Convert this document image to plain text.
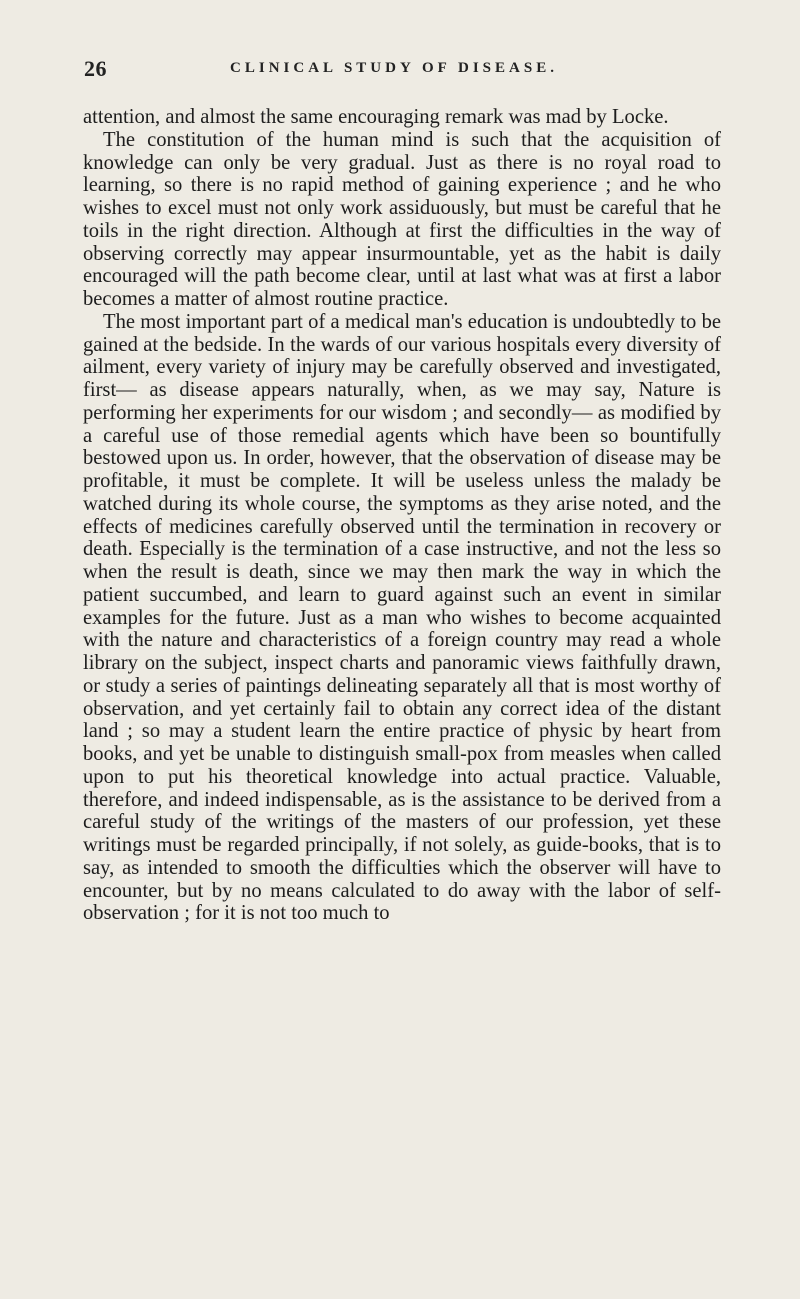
26	CLINICAL STUDY OF DISEASE.

attention, and almost the same encouraging remark was mad by Locke.

The constitution of the human mind is such that the acquisition of knowledge can only be very gradual. Just as there is no royal road to learning, so there is no rapid method of gaining experience ; and he who wishes to excel must not only work assiduously, but must be careful that he toils in the right direction. Although at first the difficulties in the way of observing correctly may appear insurmountable, yet as the habit is daily encouraged will the path become clear, until at last what was at first a labor becomes a matter of almost routine practice.

The most important part of a medical man's education is undoubtedly to be gained at the bedside. In the wards of our various hospitals every diversity of ailment, every variety of injury may be carefully observed and investigated, first— as disease appears naturally, when, as we may say, Nature is performing her experiments for our wisdom ; and secondly— as modified by a careful use of those remedial agents which have been so bountifully bestowed upon us. In order, however, that the observation of disease may be profitable, it must be complete. It will be useless unless the malady be watched during its whole course, the symptoms as they arise noted, and the effects of medicines carefully observed until the termination in recovery or death. Especially is the termination of a case instructive, and not the less so when the result is death, since we may then mark the way in which the patient succumbed, and learn to guard against such an event in similar examples for the future. Just as a man who wishes to become acquainted with the nature and characteristics of a foreign country may read a whole library on the subject, inspect charts and panoramic views faithfully drawn, or study a series of paintings delineating separately all that is most worthy of observation, and yet certainly fail to obtain any correct idea of the distant land ; so may a student learn the entire practice of physic by heart from books, and yet be unable to distinguish small-pox from measles when called upon to put his theoretical knowledge into actual practice. Valuable, therefore, and indeed indispensable, as is the assistance to be derived from a careful study of the writings of the masters of our profession, yet these writings must be regarded principally, if not solely, as guide-books, that is to say, as intended to smooth the difficulties which the observer will have to encounter, but by no means calculated to do away with the labor of self-observation ; for it is not too much to
